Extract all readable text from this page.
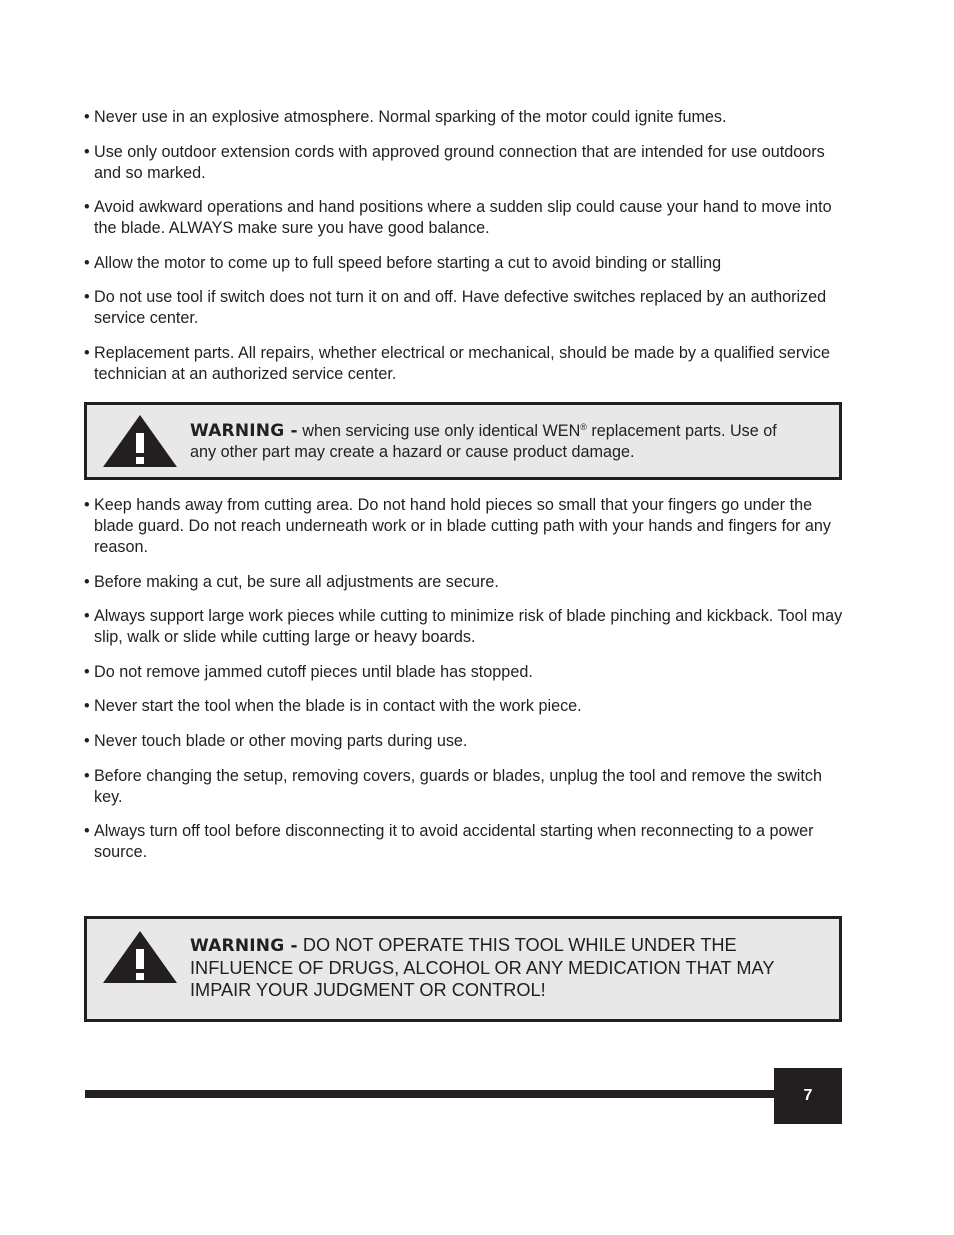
• Never use in an explosive atmosphere. Normal sparking of the motor could ignite fumes.
• Use only outdoor extension cords with approved ground connection that are intended for use outdoors and so marked.
• Avoid awkward operations and hand positions where a sudden slip could cause your hand to move into the blade. ALWAYS make sure you have good balance.
• Allow the motor to come up to full speed before starting a cut to avoid binding or stalling
• Do not use tool if switch does not turn it on and off. Have defective switches replaced by an authorized service center.
• Replacement parts. All repairs, whether electrical or mechanical, should be made by a qualified service technician at an authorized service center.
WARNING - when servicing use only identical WEN® replacement parts. Use of any other part may create a hazard or cause product damage.
• Keep hands away from cutting area. Do not hand hold pieces so small that your fingers go under the blade guard. Do not reach underneath work or in blade cutting path with your hands and fingers for any reason.
• Before making a cut, be sure all adjustments are secure.
• Always support large work pieces while cutting to minimize risk of blade pinching and kickback. Tool may slip, walk or slide while cutting large or heavy boards.
• Do not remove jammed cutoff pieces until blade has stopped.
• Never start the tool when the blade is in contact with the work piece.
• Never touch blade or other moving parts during use.
• Before changing the setup, removing covers, guards or blades, unplug the tool and remove the switch key.
• Always turn off tool before disconnecting it to avoid accidental starting when reconnecting to a power source.
WARNING - DO NOT OPERATE THIS TOOL WHILE UNDER THE INFLUENCE OF DRUGS, ALCOHOL OR ANY MEDICATION THAT MAY IMPAIR YOUR JUDGMENT OR CONTROL!
7
